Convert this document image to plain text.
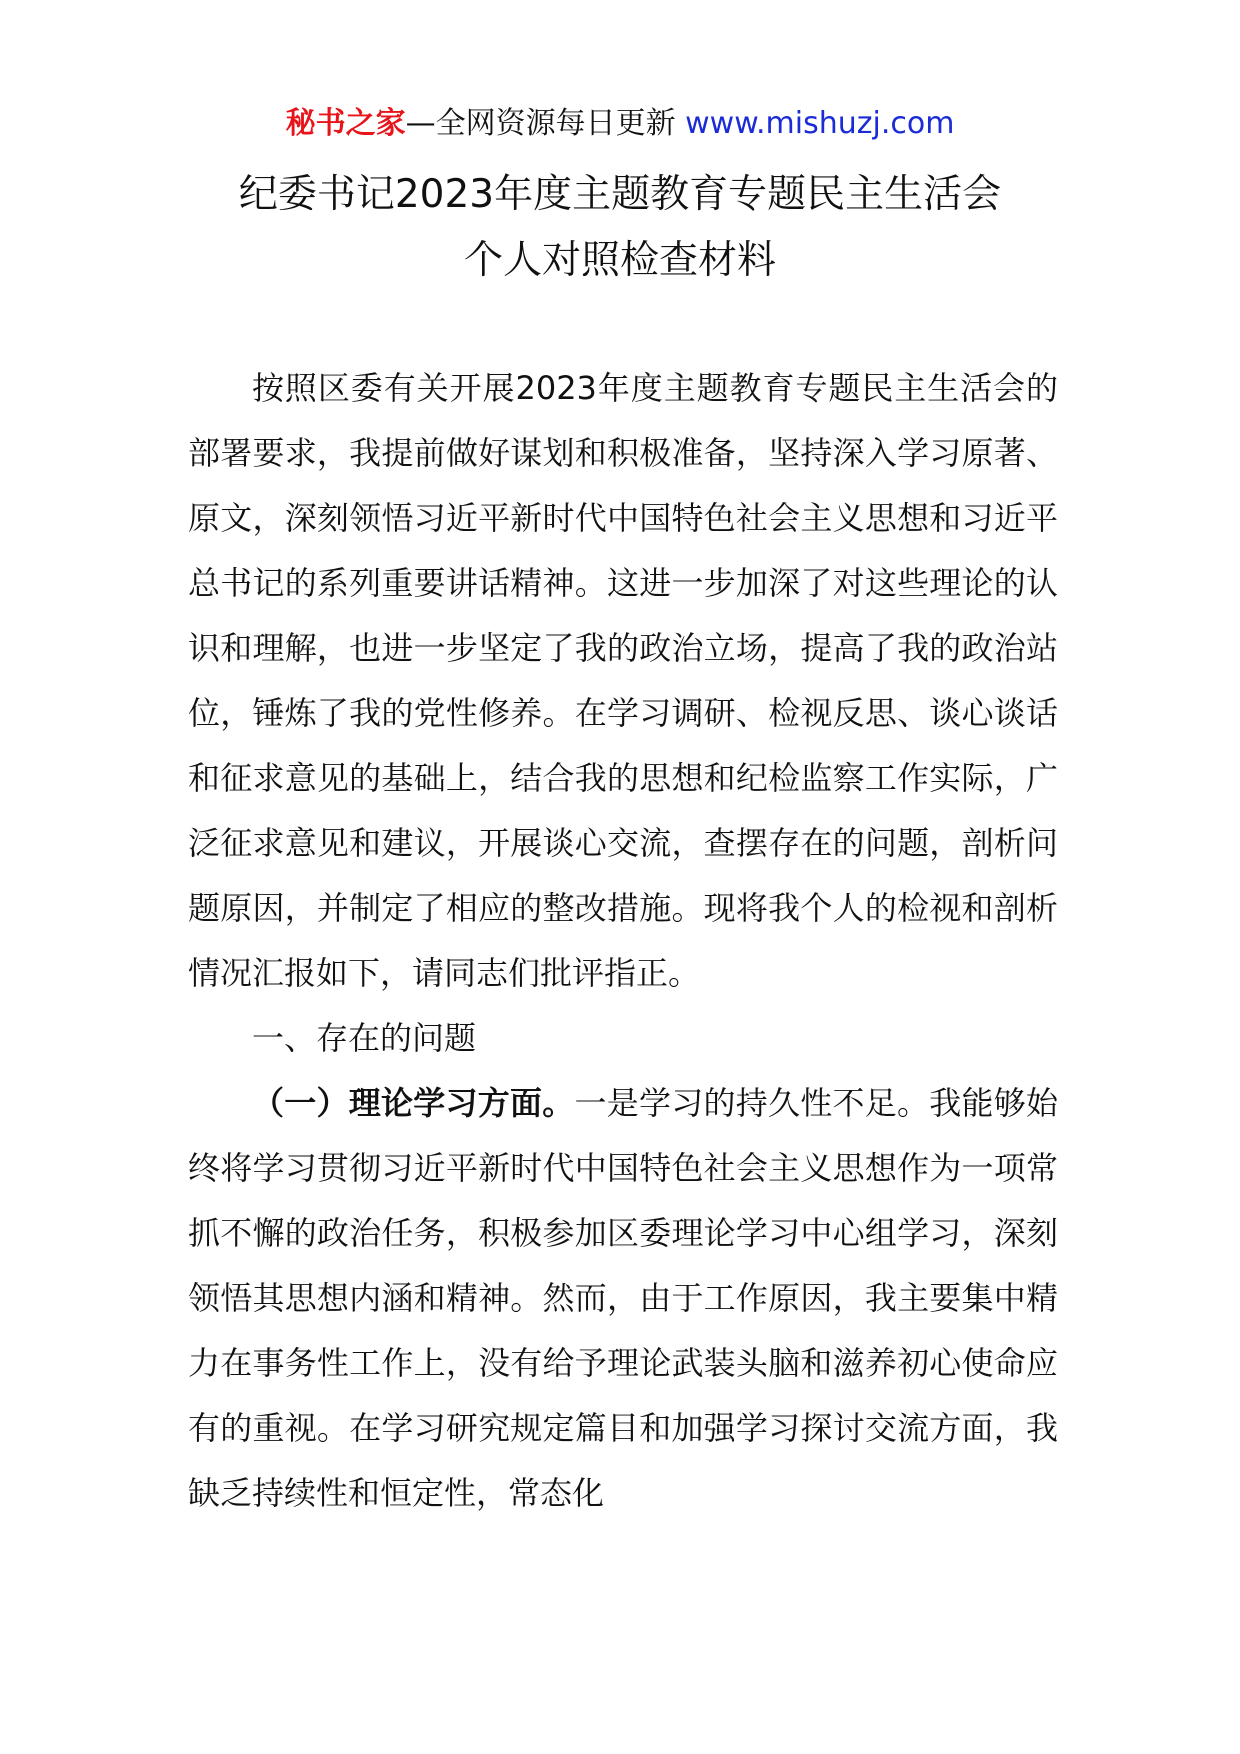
秘书之家—全网资源每日更新 www.mishuzj.com
纪委书记2023年度主题教育专题民主生活会
个人对照检查材料

按照区委有关开展2023年度主题教育专题民主生活会的部署要求，我提前做好谋划和积极准备，坚持深入学习原著、原文，深刻领悟习近平新时代中国特色社会主义思想和习近平总书记的系列重要讲话精神。这进一步加深了对这些理论的认识和理解，也进一步坚定了我的政治立场，提高了我的政治站位，锤炼了我的党性修养。在学习调研、检视反思、谈心谈话和征求意见的基础上，结合我的思想和纪检监察工作实际，广泛征求意见和建议，开展谈心交流，查摆存在的问题，剖析问题原因，并制定了相应的整改措施。现将我个人的检视和剖析情况汇报如下，请同志们批评指正。

一、存在的问题

（一）理论学习方面。一是学习的持久性不足。我能够始终将学习贯彻习近平新时代中国特色社会主义思想作为一项常抓不懈的政治任务，积极参加区委理论学习中心组学习，深刻领悟其思想内涵和精神。然而，由于工作原因，我主要集中精力在事务性工作上，没有给予理论武装头脑和滋养初心使命应有的重视。在学习研究规定篇目和加强学习探讨交流方面，我缺乏持续性和恒定性，常态化
